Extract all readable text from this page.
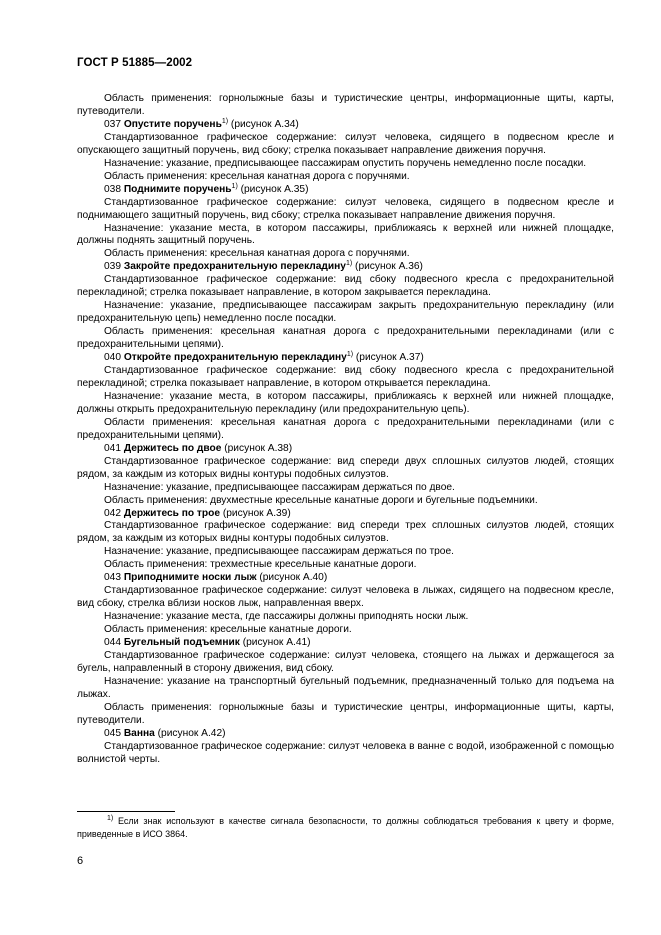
ГОСТ Р 51885—2002

Область применения: горнолыжные базы и туристические центры, информационные щиты, карты, путеводители.

037 Опустите поручень$^{1)}$ (рисунок А.34)

Стандартизованное графическое содержание: силуэт человека, сидящего в подвесном кресле и опускающего защитный поручень, вид сбоку; стрелка показывает направление движения поручня.

Назначение: указание, предписывающее пассажирам опустить поручень немедленно после посадки.

Область применения: кресельная канатная дорога с поручнями.

038 Поднимите поручень$^{1)}$ (рисунок А.35)

Стандартизованное графическое содержание: силуэт человека, сидящего в подвесном кресле и поднимающего защитный поручень, вид сбоку; стрелка показывает направление движения поручня.

Назначение: указание места, в котором пассажиры, приближаясь к верхней или нижней площадке, должны поднять защитный поручень.

Область применения: кресельная канатная дорога с поручнями.

039 Закройте предохранительную перекладину$^{1)}$ (рисунок А.36)

Стандартизованное графическое содержание: вид сбоку подвесного кресла с предохранительной перекладиной; стрелка показывает направление, в котором закрывается перекладина.

Назначение: указание, предписывающее пассажирам закрыть предохранительную перекладину (или предохранительную цепь) немедленно после посадки.

Область применения: кресельная канатная дорога с предохранительными перекладинами (или с предохранительными цепями).

040 Откройте предохранительную перекладину$^{1)}$ (рисунок А.37)

Стандартизованное графическое содержание: вид сбоку подвесного кресла с предохранительной перекладиной; стрелка показывает направление, в котором открывается перекладина.

Назначение: указание места, в котором пассажиры, приближаясь к верхней или нижней площадке, должны открыть предохранительную перекладину (или предохранительную цепь).

Области применения: кресельная канатная дорога с предохранительными перекладинами (или с предохранительными цепями).

041 Держитесь по двое (рисунок А.38)

Стандартизованное графическое содержание: вид спереди двух сплошных силуэтов людей, стоящих рядом, за каждым из которых видны контуры подобных силуэтов.

Назначение: указание, предписывающее пассажирам держаться по двое.

Область применения: двухместные кресельные канатные дороги и бугельные подъемники.

042 Держитесь по трое (рисунок А.39)

Стандартизованное графическое содержание: вид спереди трех сплошных силуэтов людей, стоящих рядом, за каждым из которых видны контуры подобных силуэтов.

Назначение: указание, предписывающее пассажирам держаться по трое.

Область применения: трехместные кресельные канатные дороги.

043 Приподнимите носки лыж (рисунок А.40)

Стандартизованное графическое содержание: силуэт человека в лыжах, сидящего на подвесном кресле, вид сбоку, стрелка вблизи носков лыж, направленная вверх.

Назначение: указание места, где пассажиры должны приподнять носки лыж.

Область применения: кресельные канатные дороги.

044 Бугельный подъемник (рисунок А.41)

Стандартизованное графическое содержание: силуэт человека, стоящего на лыжах и держащегося за бугель, направленный в сторону движения, вид сбоку.

Назначение: указание на транспортный бугельный подъемник, предназначенный только для подъема на лыжах.

Область применения: горнолыжные базы и туристические центры, информационные щиты, карты, путеводители.

045 Ванна (рисунок А.42)

Стандартизованное графическое содержание: силуэт человека в ванне с водой, изображенной с помощью волнистой черты.

$^{1)}$ Если знак используют в качестве сигнала безопасности, то должны соблюдаться требования к цвету и форме, приведенные в ИСО 3864.

6
